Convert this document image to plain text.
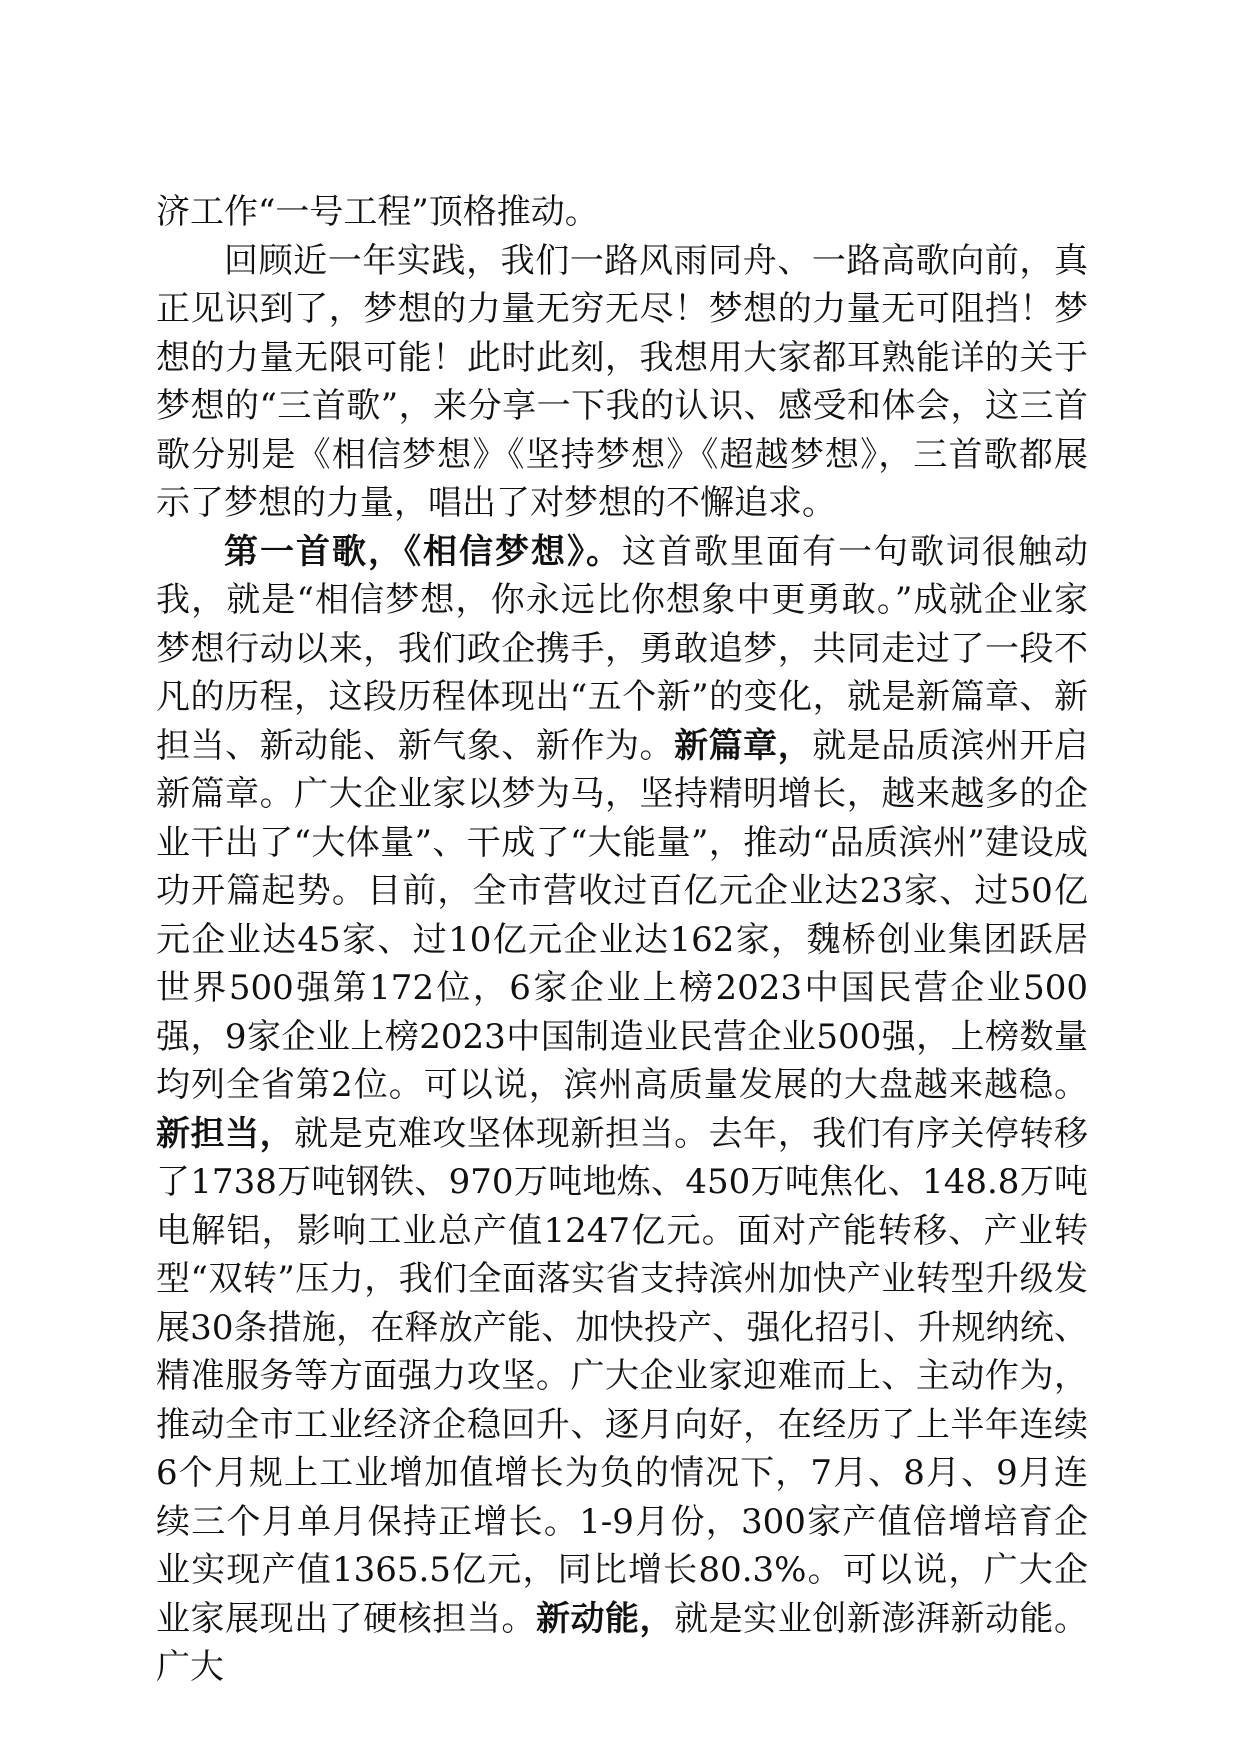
济工作“一号工程”顶格推动。

回顾近一年实践，我们一路风雨同舟、一路高歌向前，真正见识到了，梦想的力量无穷无尽！梦想的力量无可阻挡！梦想的力量无限可能！此时此刻，我想用大家都耳熟能详的关于梦想的“三首歌”，来分享一下我的认识、感受和体会，这三首歌分别是《相信梦想》《坚持梦想》《超越梦想》，三首歌都展示了梦想的力量，唱出了对梦想的不懈追求。

第一首歌，《相信梦想》。这首歌里面有一句歌词很触动我，就是“相信梦想，你永远比你想象中更勇敢。”成就企业家梦想行动以来，我们政企携手，勇敢追梦，共同走过了一段不凡的历程，这段历程体现出“五个新”的变化，就是新篇章、新担当、新动能、新气象、新作为。新篇章，就是品质滨州开启新篇章。广大企业家以梦为马，坚持精明增长，越来越多的企业干出了“大体量”、干成了“大能量”，推动“品质滨州”建设成功开篇起势。目前，全市营收过百亿元企业达23家、过50亿元企业达45家、过10亿元企业达162家，魏桥创业集团跃居世界500强第172位，6家企业上榜2023中国民营企业500强，9家企业上榜2023中国制造业民营企业500强，上榜数量均列全省第2位。可以说，滨州高质量发展的大盘越来越稳。新担当，就是克难攻坚体现新担当。去年，我们有序关停转移了1738万吨钢铁、970万吨地炼、450万吨焦化、148.8万吨电解铝，影响工业总产值1247亿元。面对产能转移、产业转型“双转”压力，我们全面落实省支持滨州加快产业转型升级发展30条措施，在释放产能、加快投产、强化招引、升规纳统、精准服务等方面强力攻坚。广大企业家迎难而上、主动作为，推动全市工业经济企稳回升、逐月向好，在经历了上半年连续6个月规上工业增加值增长为负的情况下，7月、8月、9月连续三个月单月保持正增长。1-9月份，300家产值倍增培育企业实现产值1365.5亿元，同比增长80.3%。可以说，广大企业家展现出了硬核担当。新动能，就是实业创新澎湃新动能。广大
